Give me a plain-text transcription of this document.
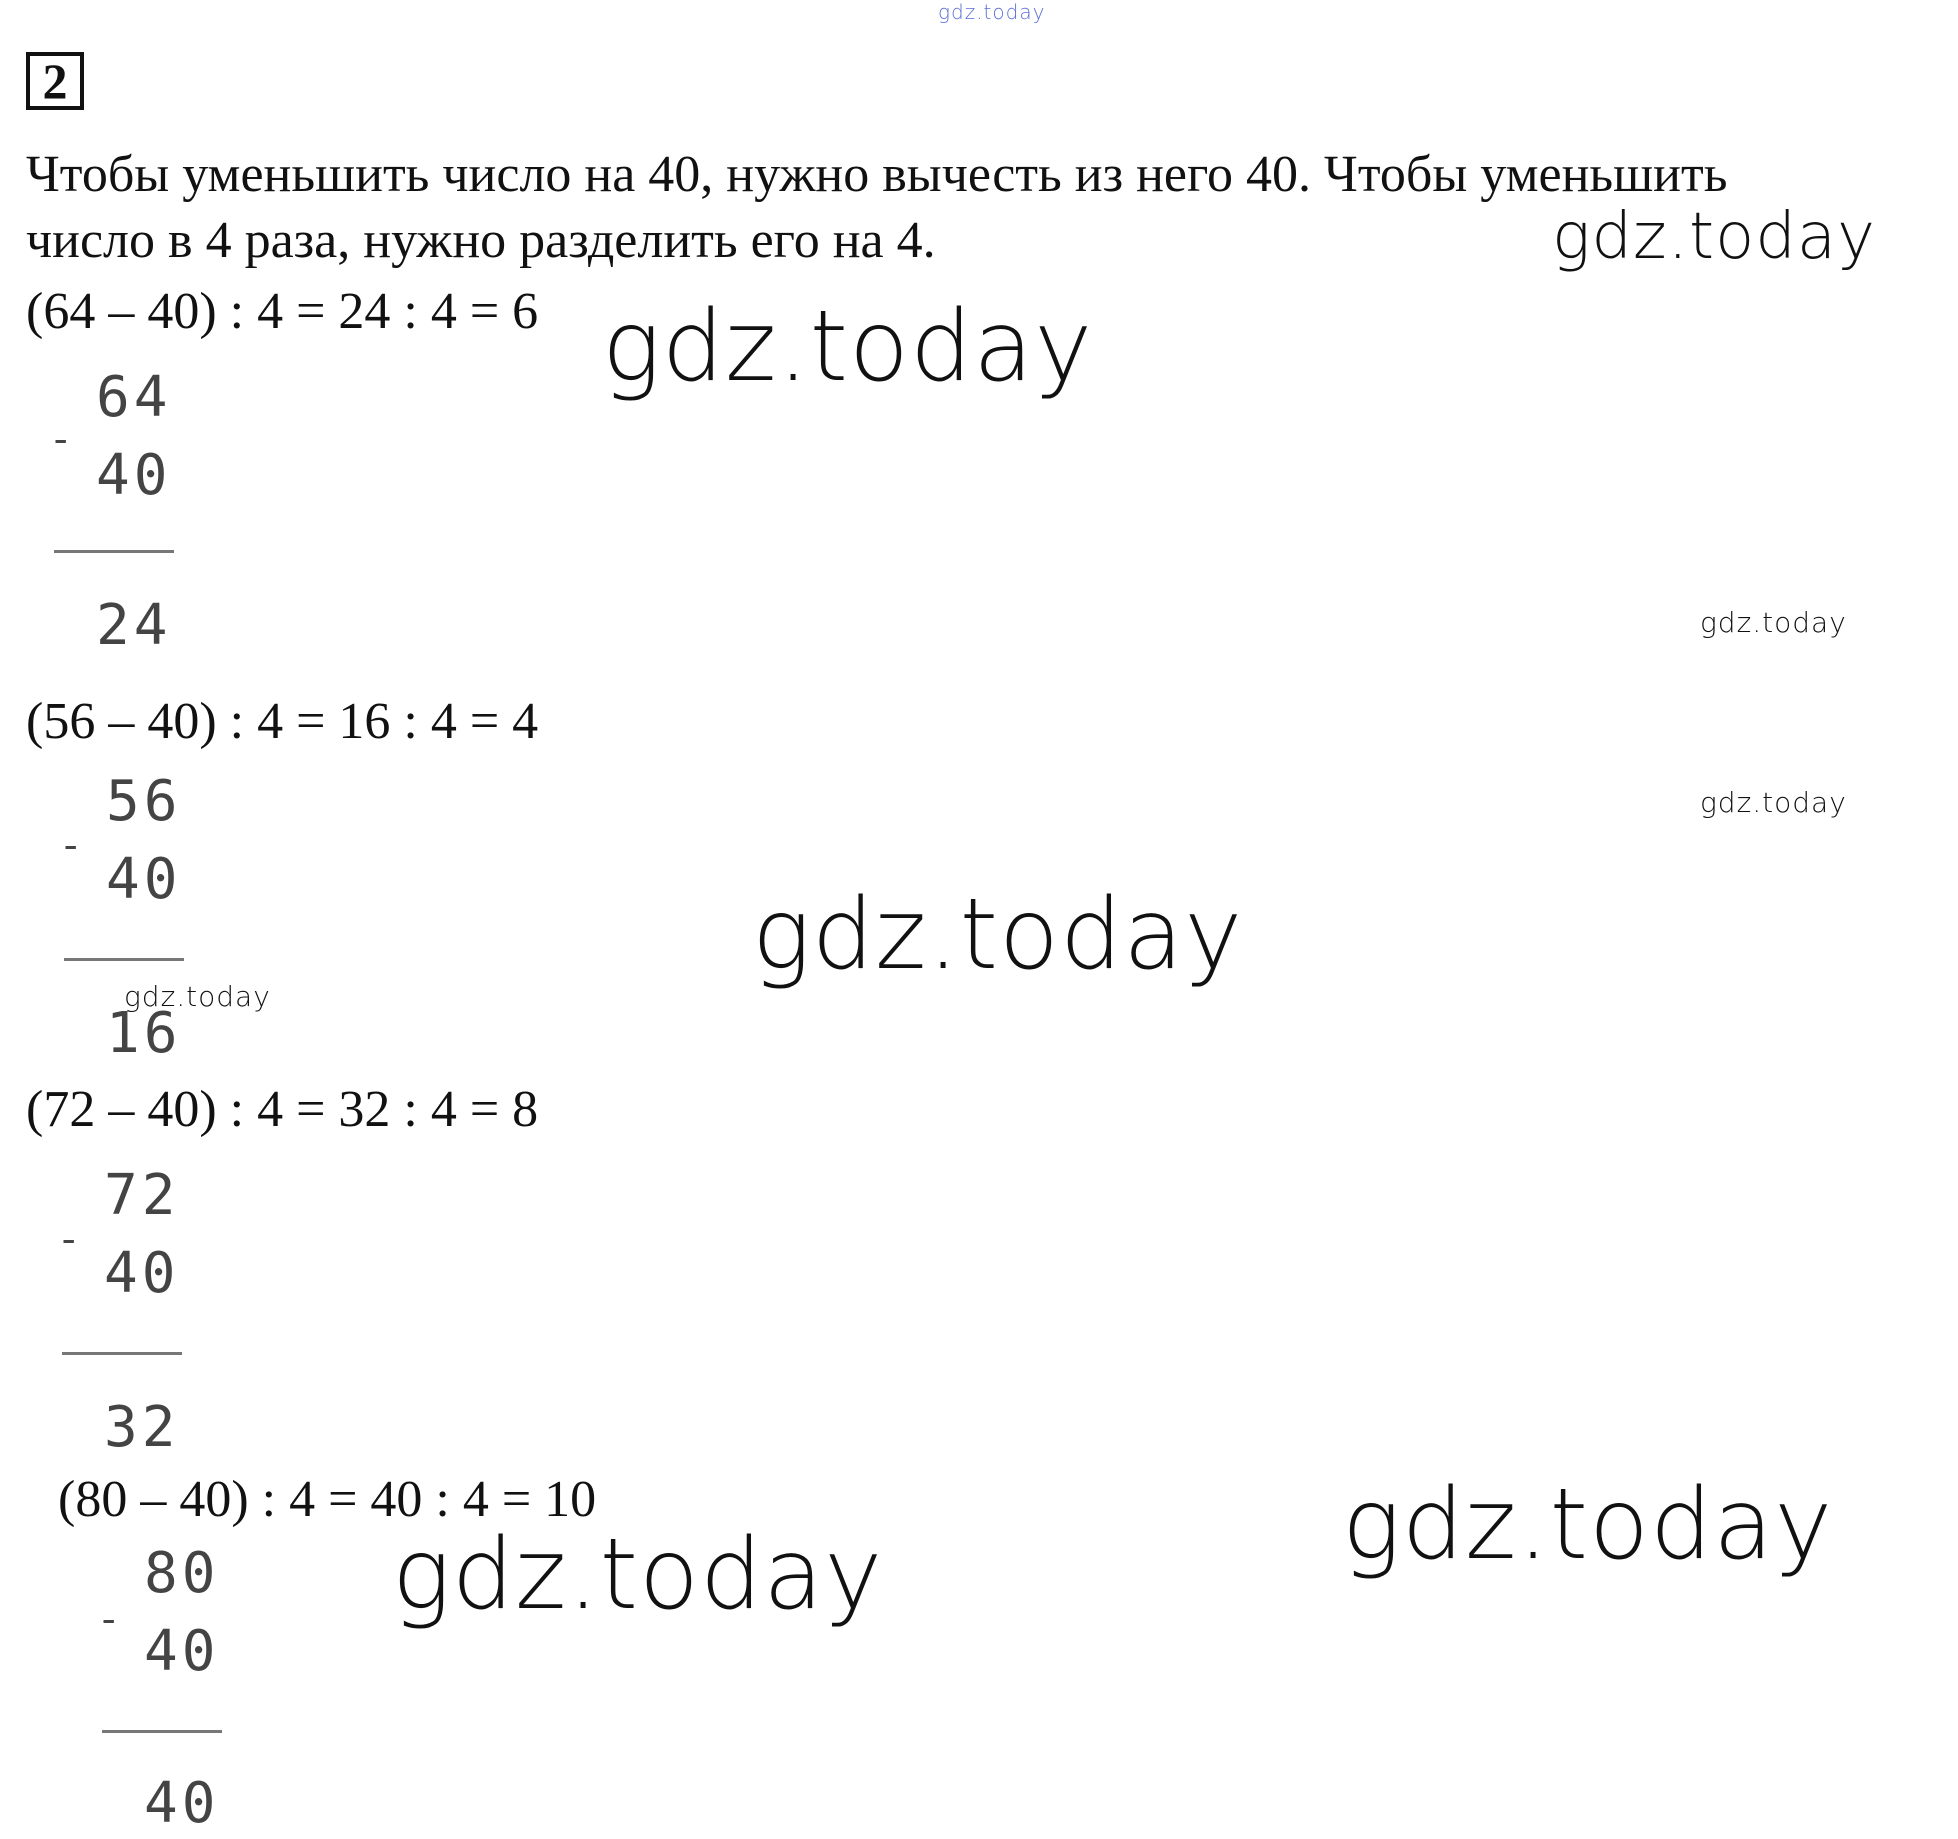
gdz.today
gdz.today
gdz.today
gdz.today
gdz.today
gdz.today
gdz.today
gdz.today
gdz.today
2
Чтобы уменьшить число на 40, нужно вычесть из него 40. Чтобы уменьшить
число в 4 раза, нужно разделить его на 4.
(64 – 40) : 4 = 24 : 4 = 6
64
-
40
24
(56 – 40) : 4 = 16 : 4 = 4
56
-
40
16
(72 – 40) : 4 = 32 : 4 = 8
72
-
40
32
(80 – 40) : 4 = 40 : 4 = 10
80
-
40
40
